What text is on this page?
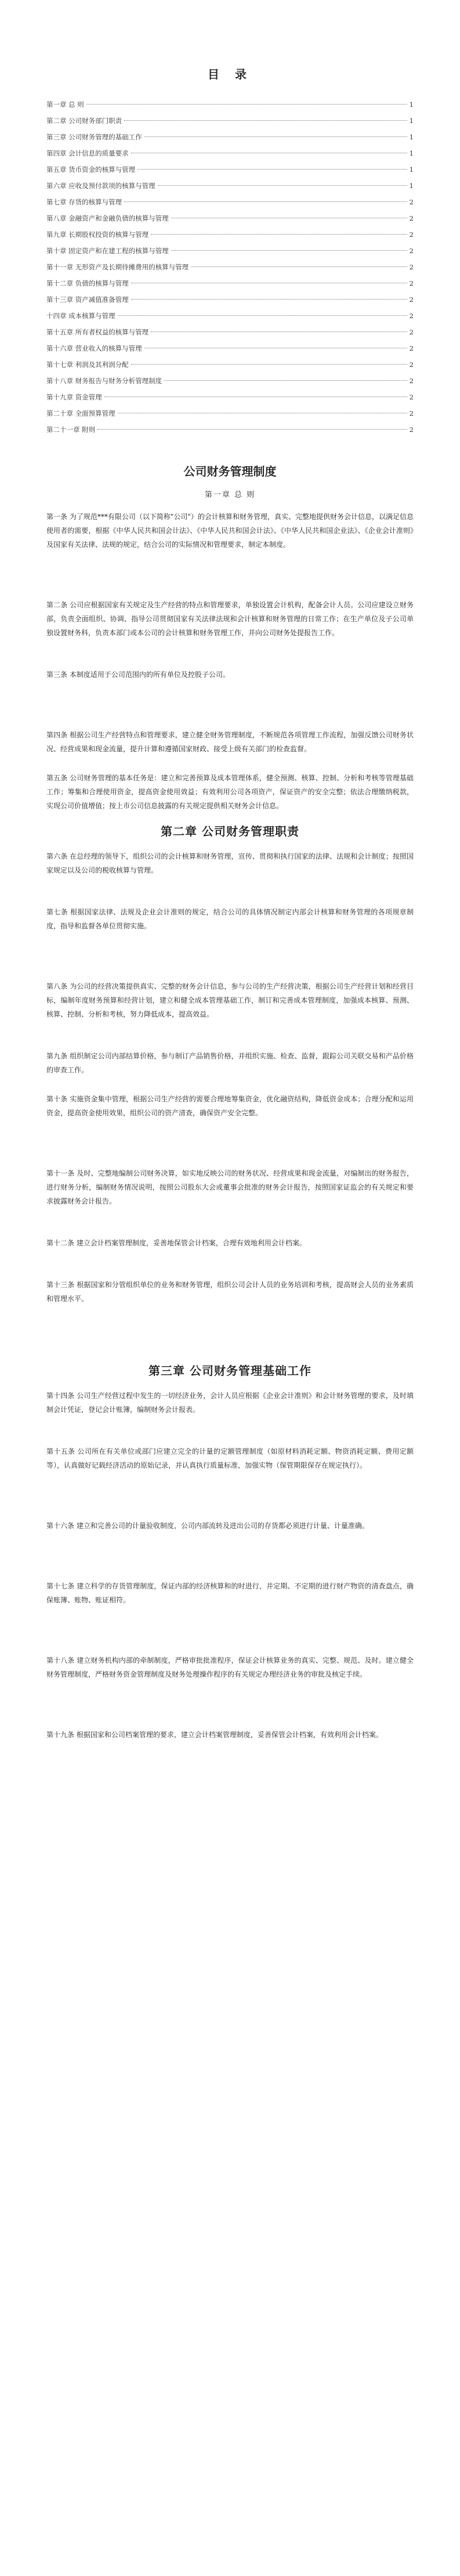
目 录
第一章 总 则	1
第二章 公司财务部门职责	1
第三章 公司财务管理的基础工作	1
第四章 会计信息的质量要求	1
第五章 货币资金的核算与管理	1
第六章 应收及预付款项的核算与管理	1
第七章 存货的核算与管理	2
第八章 金融资产和金融负债的核算与管理	2
第九章 长期股权投资的核算与管理	2
第十章 固定资产和在建工程的核算与管理	2
第十一章 无形资产及长期待摊费用的核算与管理	2
第十二章 负债的核算与管理	2
第十三章 资产减值准备管理	2
十四章 成本核算与管理	2
第十五章 所有者权益的核算与管理	2
第十六章 营业收入的核算与管理	2
第十七章 利润及其利润分配	2
第十八章 财务报告与财务分析管理制度	2
第十九章 资金管理	2
第二十章 全面预算管理	2
第二十一章 附则	2
公司财务管理制度
第一章 总 则

第一条 为了规范***有限公司（以下简称"公司"）的会计核算和财务管理，真实、完整地提供财务会计信息，以满足信息使用者的需要，根据《中华人民共和国会计法》、《中华人民共和国会计法》、《中华人民共和国企业法》、《企业会计准则》及国家有关法律、法规的规定，结合公司的实际情况和管理要求，制定本制度。

第二条 公司应根据国家有关规定及生产经营的特点和管理要求，单独设置会计机构，配备会计人员。公司应建设立财务部，负责全面组织、协调、指导公司贯彻国家有关法律法规和会计核算和财务管理的日常工作；在生产单位及子公司单独设置财务科，负责本部门或本公司的会计核算和财务管理工作，并向公司财务处提报告工作。

第三条 本制度适用于公司范围内的所有单位及控股子公司。

第四条 根据公司生产经营特点和管理要求，建立健全财务管理制度，不断规范各项管理工作流程，加强反馈公司财务状况、经营成果和现金流量，提升计算和遵循国家财政、接受上级有关部门的检查监督。

第五条 公司财务管理的基本任务是：建立和完善预算及成本管理体系，健全预测、核算、控制、分析和考核等管理基础工作；筹集和合理使用资金，提高资金使用效益；有效利用公司各项资产，保证资产的安全完整；依法合理缴纳税款，实现公司价值增值；按上市公司信息披露的有关规定提供相关财务会计信息。

第二章 公司财务管理职责

第六条 在总经理的领导下，组织公司的会计核算和财务管理，宣传、贯彻和执行国家的法律、法规和会计制度；按照国家规定以及公司的税收核算与管理。

第七条 根据国家法律、法规及企业会计准则的规定，结合公司的具体情况制定内部会计核算和财务管理的各项规章制度，指导和监督各单位贯彻实施。

第八条 为公司的经营决策提供真实、完整的财务会计信息，参与公司的生产经营决策，根据公司生产经营计划和经营目标，编制年度财务预算和经营计划，建立和健全成本管理基础工作，制订和完善成本管理制度，加强成本核算、预测、核算、控制、分析和考核，努力降低成本，提高效益。

第九条 组织制定公司内部结算价格，参与制订产品销售价格，并组织实施、检查、监督，跟踪公司关联交易和产品价格的审查工作。

第十条 实施资金集中管理，根据公司生产经营的需要合理地筹集资金，优化融资结构，降低资金成本；合理分配和运用资金，提高资金使用效果，组织公司的资产清查，确保资产安全完整。

第十一条 及时、完整地编制公司财务决算，如实地反映公司的财务状况、经营成果和现金流量，对编制出的财务报告，进行财务分析，编制财务情况说明，按照公司股东大会或董事会批准的财务会计报告，按照国家证监会的有关规定和要求披露财务会计报告。

第十二条 建立会计档案管理制度，妥善地保管会计档案，合理有效地利用会计档案。

第十三条 根据国家和分管组织单位的业务和财务管理，组织公司会计人员的业务培训和考核，提高财会人员的业务素质和管理水平。

第三章 公司财务管理基础工作

第十四条 公司生产经营过程中发生的一切经济业务，会计人员应根据《企业会计准则》和会计财务管理的要求，及时填制会计凭证，登记会计账簿，编制财务会计报表。

第十五条 公司所在有关单位或部门应建立完全的计量的定额管理制度（如原材料消耗定额、物资消耗定额、费用定额等），认真做好记载经济活动的原始记录，并认真执行质量标准，加强实物（保管期限保存在规定执行）。

第十六条 建立和完善公司的计量验收制度，公司内部流转及进出公司的存货都必须进行计量、计量准确。

第十七条 建立科学的存货管理制度，保证内部的经济核算和的时进行，并定期、不定期的进行财产物资的清查盘点，确保账簿、账物、账证相符。

第十八条 建立财务机构内部的牵制制度，严格审批批准程序，保证会计核算业务的真实、完整、规范、及时。建立健全财务管理制度，严格财务资金管理制度及财务处理操作程序的有关规定办理经济业务的审批及核定手续。

第十九条 根据国家和公司档案管理的要求，建立会计档案管理制度，妥善保管会计档案，有效利用会计档案。
